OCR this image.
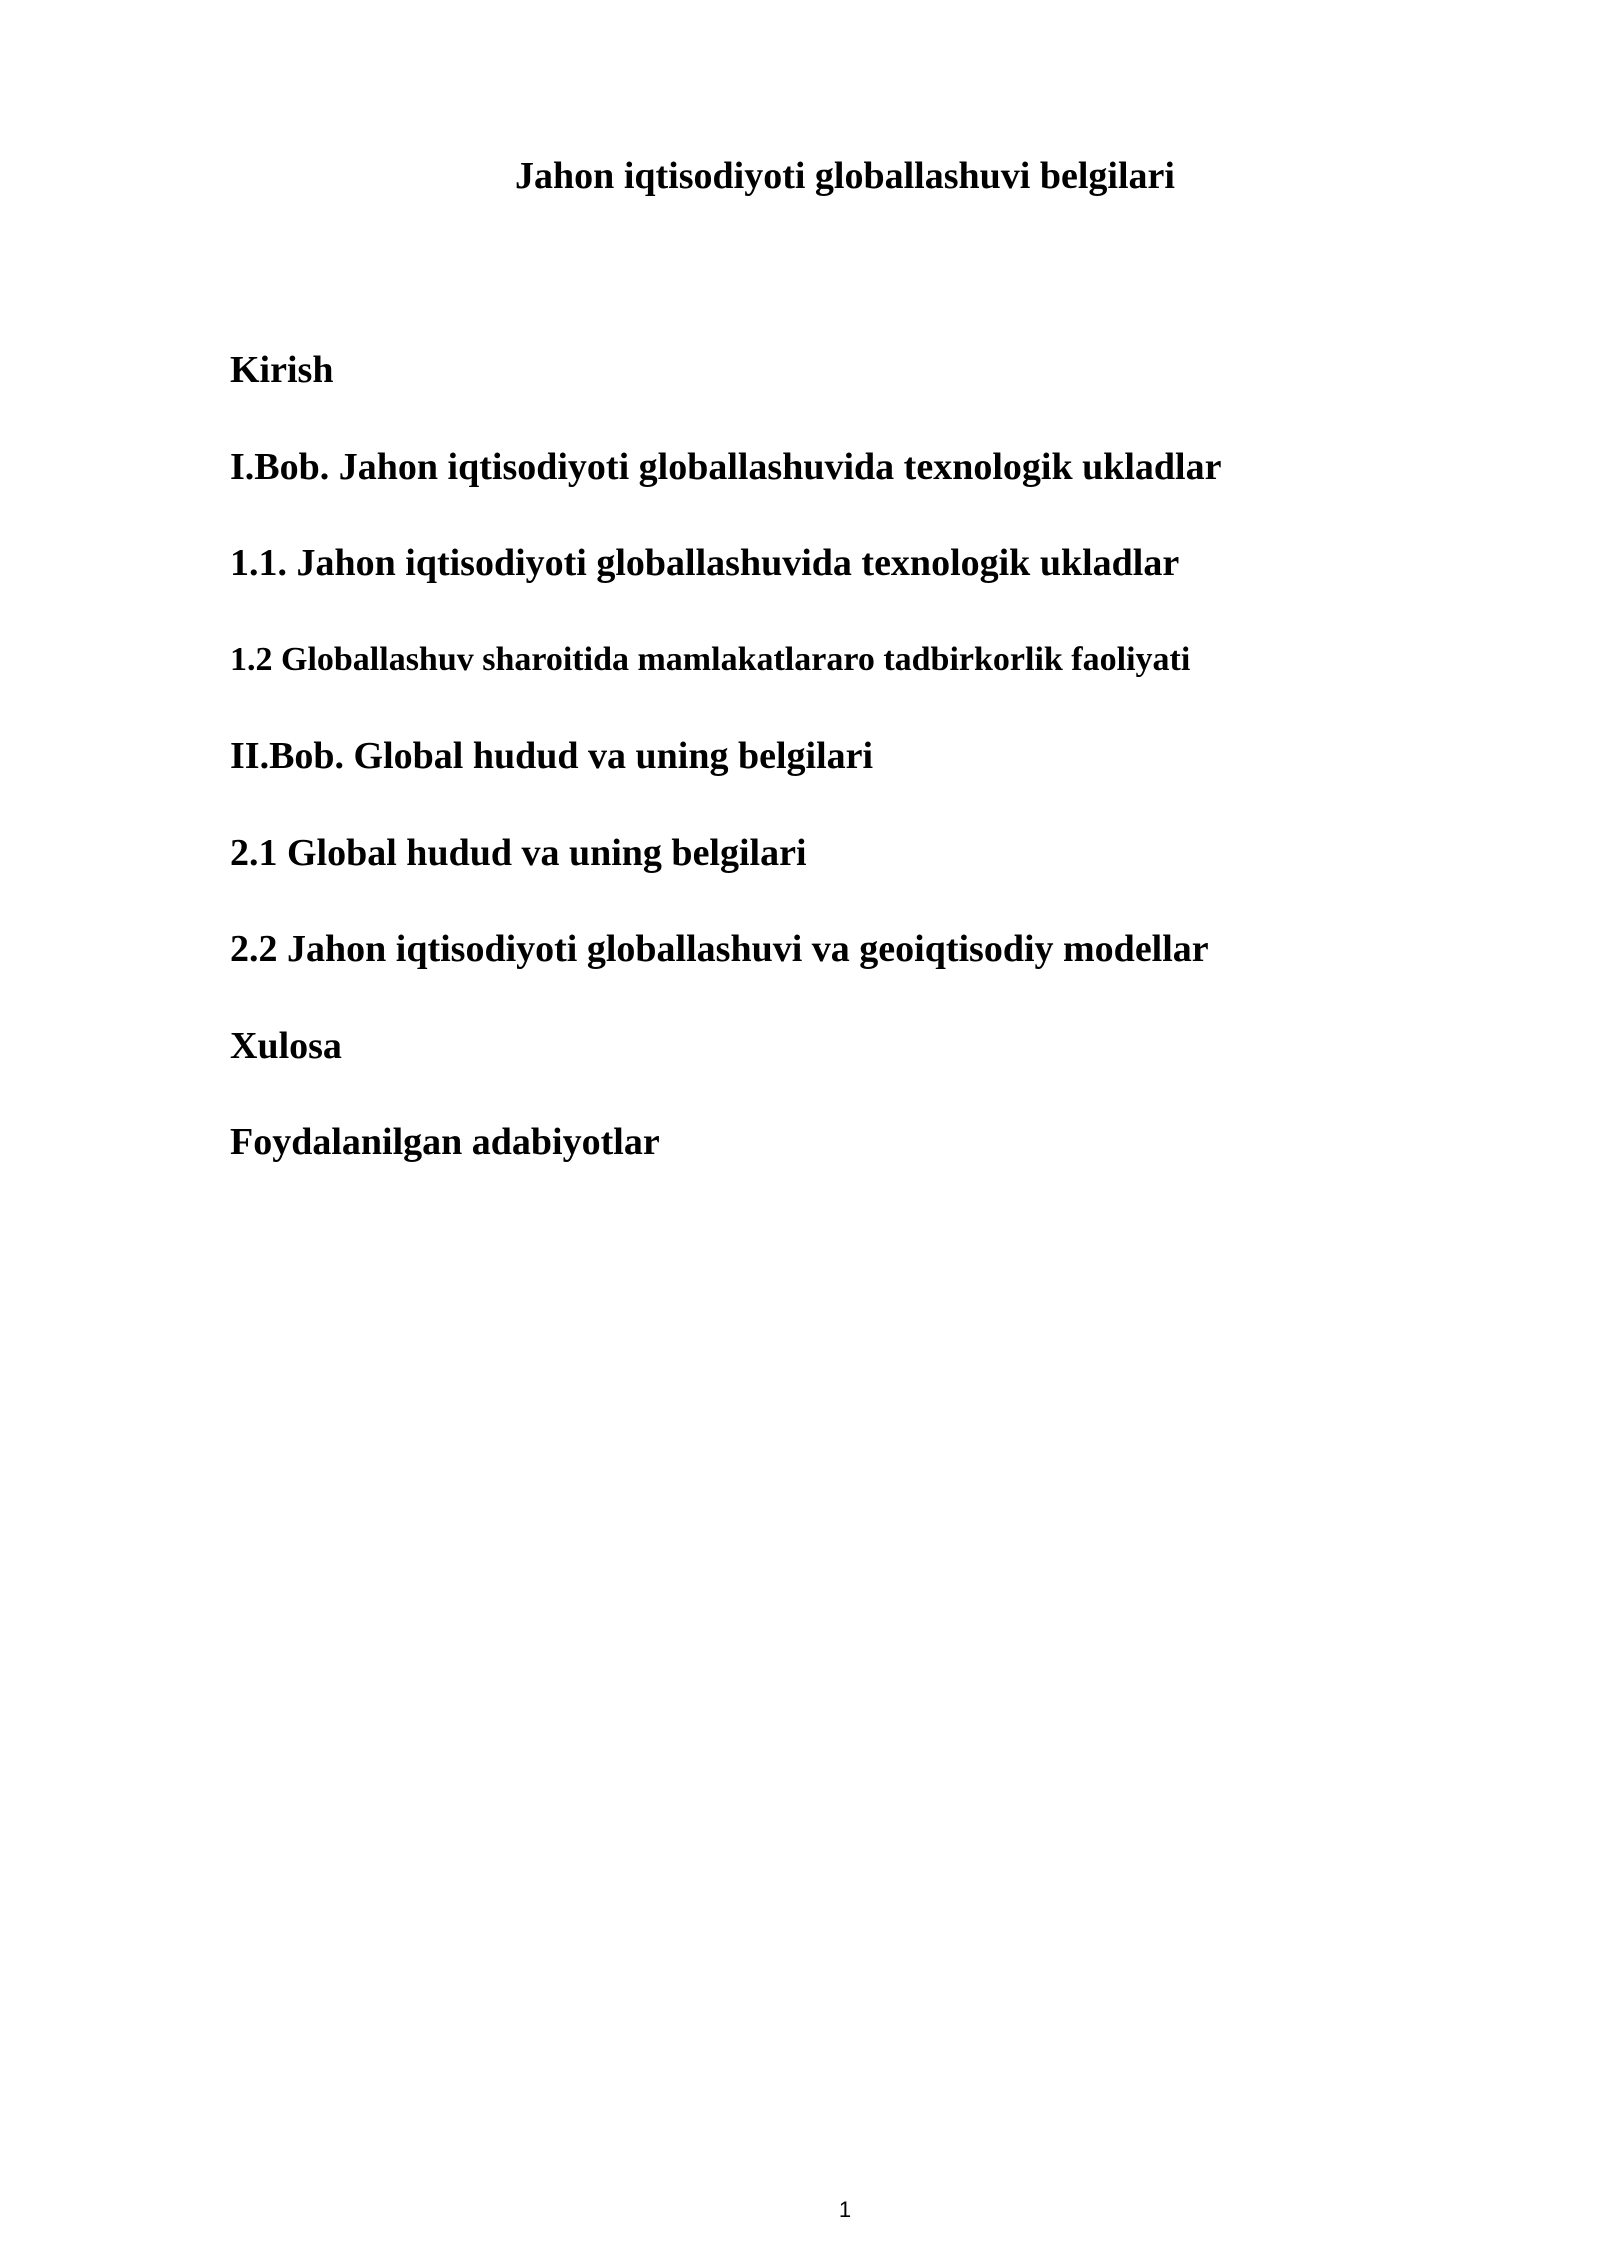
Jahon iqtisodiyoti globallashuvi belgilari
Kirish
I.Bob. Jahon iqtisodiyoti globallashuvida texnologik ukladlar
1.1. Jahon iqtisodiyoti globallashuvida texnologik ukladlar
1.2 Globallashuv sharoitida mamlakatlararo tadbirkorlik faoliyati
II.Bob. Global hudud va uning belgilari
2.1 Global hudud va uning belgilari
2.2 Jahon iqtisodiyoti globallashuvi va geoiqtisodiy modellar
Xulosa
Foydalanilgan adabiyotlar
1
